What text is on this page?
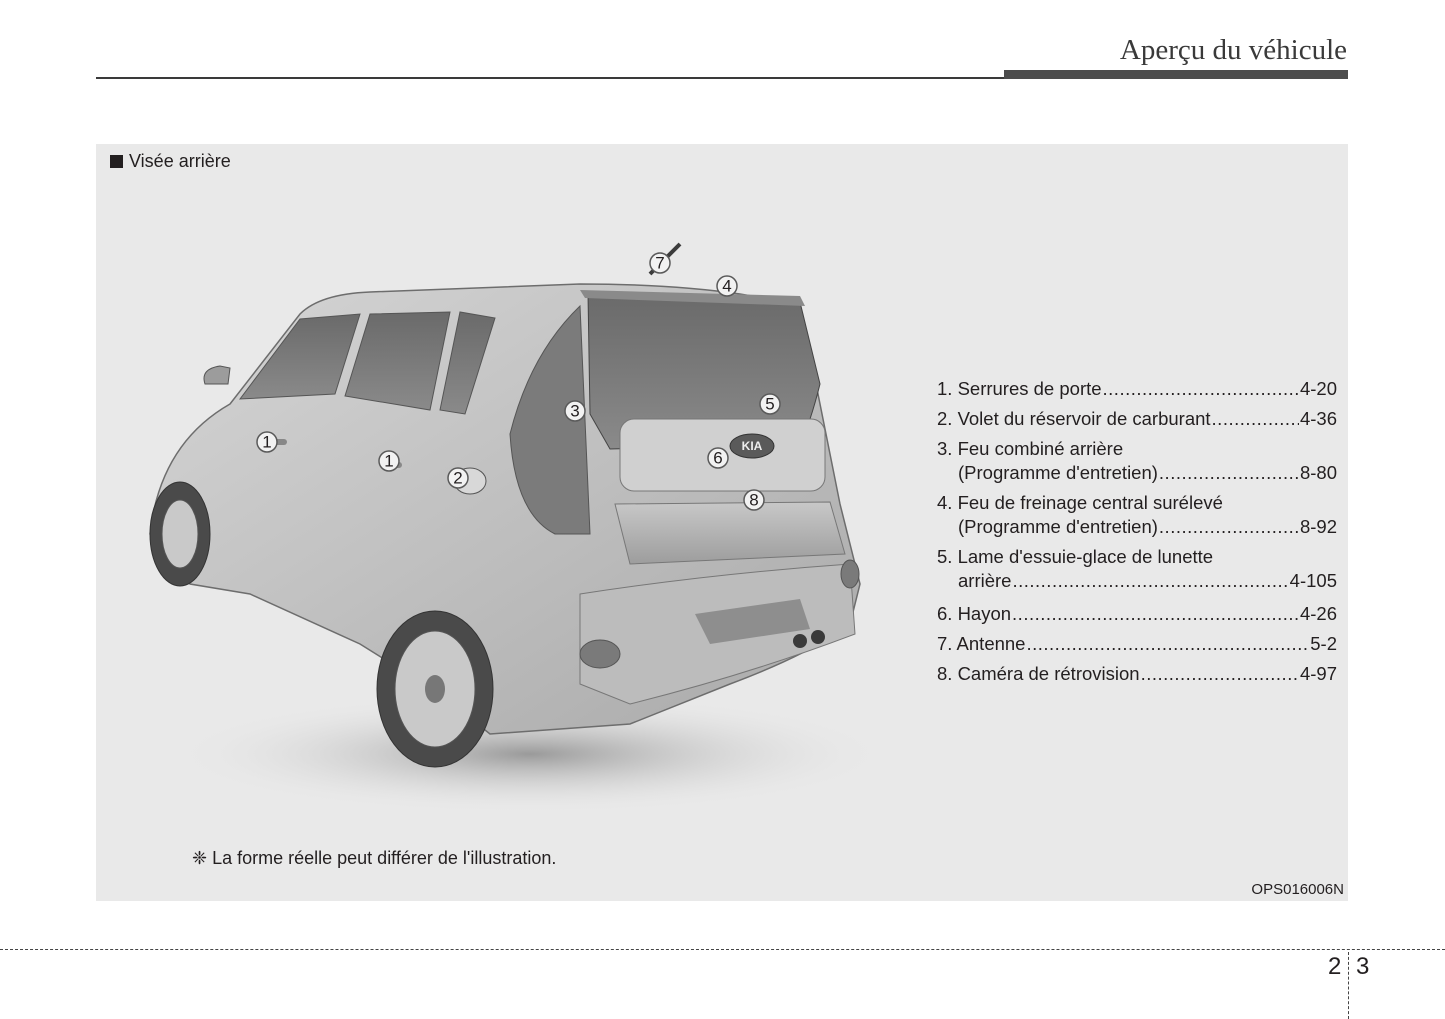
Aperçu du véhicule
Visée arrière
KIA
1
1
2
3
4
5
6
7
8
1. Serrures de porte .....	4-20
2. Volet du réservoir de carburant .....	4-36
3. Feu combiné arrière
(Programme d'entretien) .....	8-80
4. Feu de freinage central surélevé
(Programme d'entretien) .....	8-92
5. Lame d'essuie-glace de lunette
arrière .....	4-105
6. Hayon .....	4-26
7. Antenne .....	5-2
8. Caméra de rétrovision .....	4-97
❈ La forme réelle peut différer de l'illustration.
OPS016006N
2 3
